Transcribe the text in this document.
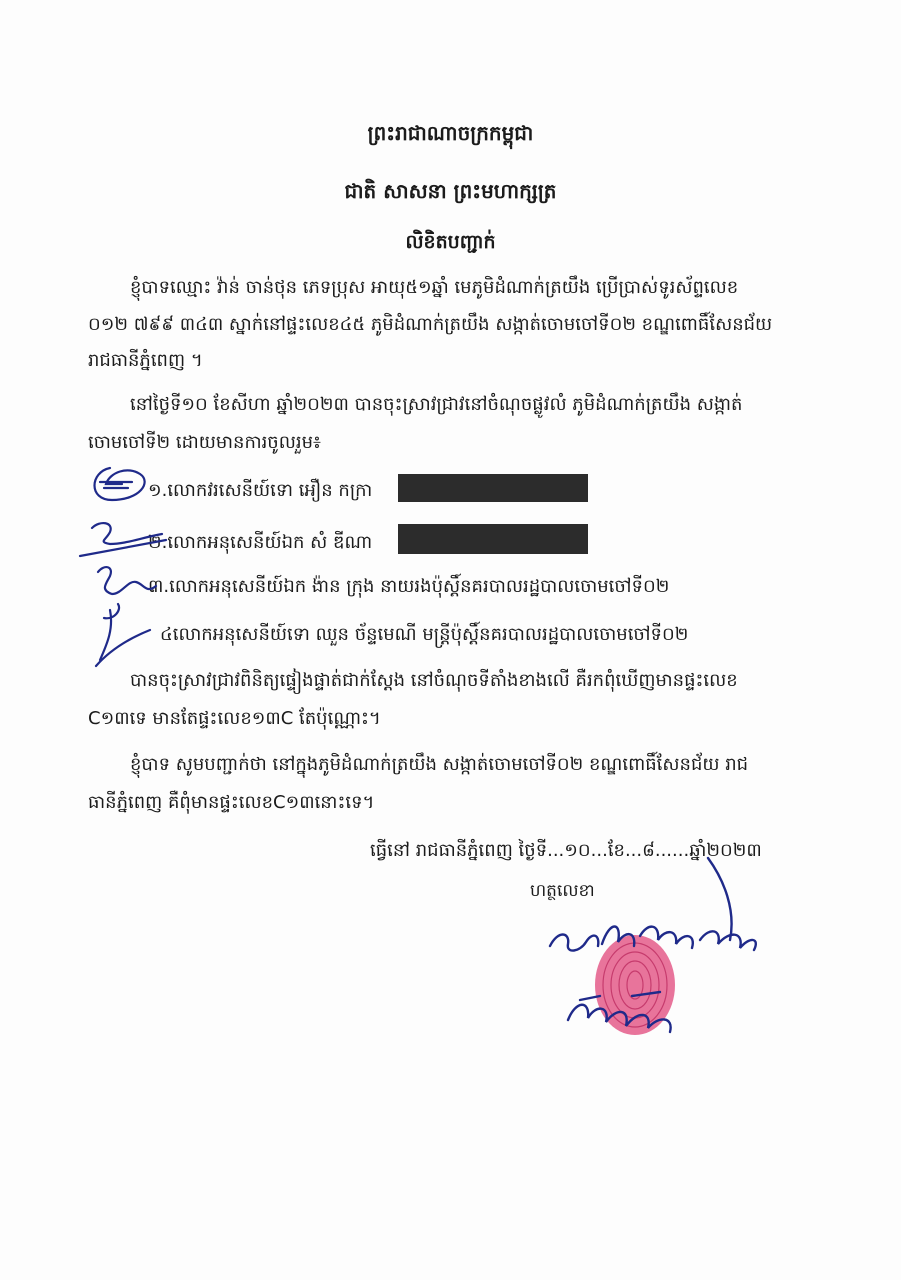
ព្រះរាជាណាចក្រកម្ពុជា
ជាតិ សាសនា ព្រះមហាក្សត្រ
លិខិតបញ្ជាក់
ខ្ញុំបាទឈ្មោះ វ៉ាន់ ចាន់ថុន ភេទប្រុស អាយុ៥១ឆ្នាំ មេភូមិដំណាក់ត្រយឹង ប្រើប្រាស់ទូរស័ព្ទលេខ
០១២ ៧៩៩ ៣៤៣ ស្នាក់នៅផ្ទះលេខ៤៥ ភូមិដំណាក់ត្រយឹង សង្កាត់ចោមចៅទី០២ ខណ្ឌពោធិ៍សែនជ័យ
រាជធានីភ្នំពេញ ។
នៅថ្ងៃទី១០ ខែសីហា ឆ្នាំ២០២៣ បានចុះស្រាវជ្រាវនៅចំណុចផ្លូវលំ ភូមិដំណាក់ត្រយឹង សង្កាត់
ចោមចៅទី២ ដោយមានការចូលរួម៖
១.លោកវរសេនីយ៍ទោ អឿន កក្រា
២.លោកអនុសេនីយ៍ឯក សំ ឌីណា
៣.លោកអនុសេនីយ៍ឯក ង៉ាន ក្រុង នាយរងប៉ុស្តិ៍នគរបាលរដ្ឋបាលចោមចៅទី០២
៤លោកអនុសេនីយ៍ទោ ឈួន ច័ន្ទមេណី មន្ត្រីប៉ុស្តិ៍នគរបាលរដ្ឋបាលចោមចៅទី០២
បានចុះស្រាវជ្រាវពិនិត្យផ្ទៀងផ្ទាត់ជាក់ស្តែង នៅចំណុចទីតាំងខាងលើ គឺរកពុំឃើញមានផ្ទះលេខ
C១៣ទេ មានតែផ្ទះលេខ១៣C តែប៉ុណ្ណោះ។
ខ្ញុំបាទ សូមបញ្ជាក់ថា នៅក្នុងភូមិដំណាក់ត្រយឹង សង្កាត់ចោមចៅទី០២ ខណ្ឌពោធិ៍សែនជ័យ រាជ
ធានីភ្នំពេញ គឺពុំមានផ្ទះលេខC១៣នោះទេ។
ធ្វើនៅ រាជធានីភ្នំពេញ ថ្ងៃទី...១០...ខែ...៨......ឆ្នាំ២០២៣
ហត្ថលេខា
